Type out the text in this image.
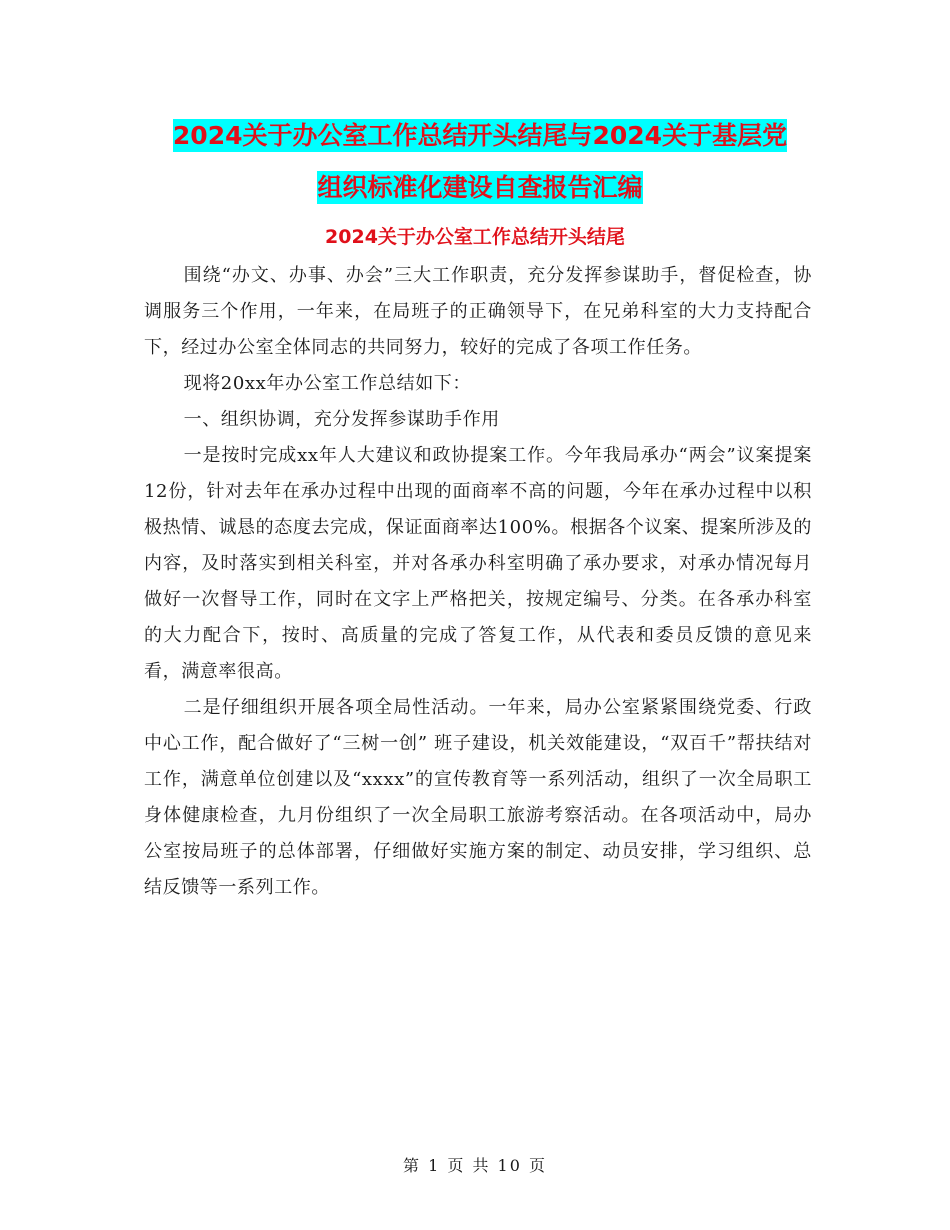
2024关于办公室工作总结开头结尾与2024关于基层党
组织标准化建设自查报告汇编
2024关于办公室工作总结开头结尾

围绕“办文、办事、办会”三大工作职责，充分发挥参谋助手，督促检查，协调服务三个作用，一年来，在局班子的正确领导下，在兄弟科室的大力支持配合下，经过办公室全体同志的共同努力，较好的完成了各项工作任务。

现将20xx年办公室工作总结如下：

一、组织协调，充分发挥参谋助手作用

一是按时完成xx年人大建议和政协提案工作。今年我局承办“两会”议案提案12份，针对去年在承办过程中出现的面商率不高的问题，今年在承办过程中以积极热情、诚恳的态度去完成，保证面商率达100%。根据各个议案、提案所涉及的内容，及时落实到相关科室，并对各承办科室明确了承办要求，对承办情况每月做好一次督导工作，同时在文字上严格把关，按规定编号、分类。在各承办科室的大力配合下，按时、高质量的完成了答复工作，从代表和委员反馈的意见来看，满意率很高。

二是仔细组织开展各项全局性活动。一年来，局办公室紧紧围绕党委、行政中心工作，配合做好了“三树一创” 班子建设，机关效能建设，“双百千”帮扶结对工作，满意单位创建以及“xxxx”的宣传教育等一系列活动，组织了一次全局职工身体健康检查，九月份组织了一次全局职工旅游考察活动。在各项活动中，局办公室按局班子的总体部署，仔细做好实施方案的制定、动员安排，学习组织、总结反馈等一系列工作。

第 1 页 共 10 页
